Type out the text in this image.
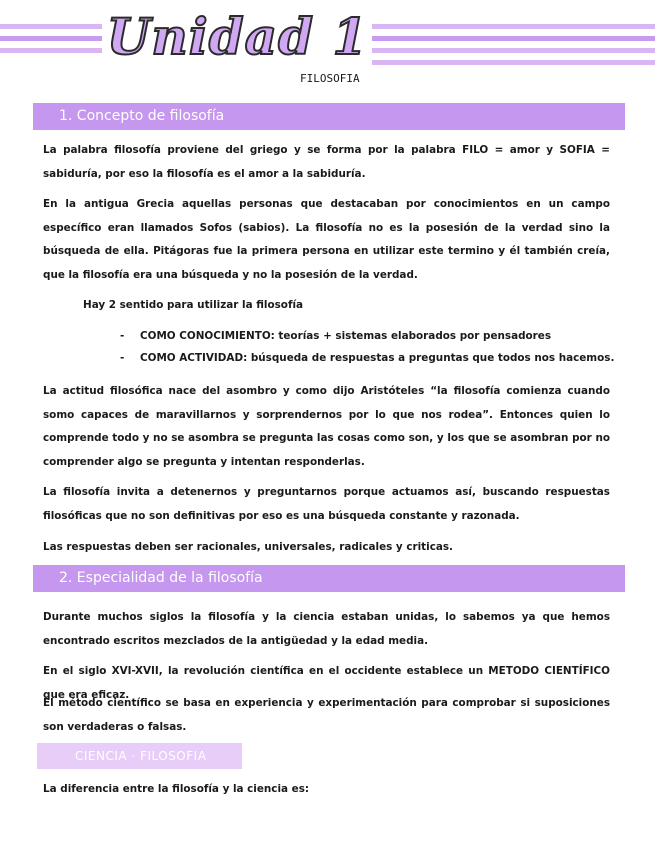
Unidad 1
FILOSOFIA
1. Concepto de filosofía
La palabra filosofía proviene del griego y se forma por la palabra FILO = amor y SOFIA = sabiduría, por eso la filosofía es el amor a la sabiduría.
En la antigua Grecia aquellas personas que destacaban por conocimientos en un campo específico eran llamados Sofos (sabios). La filosofía no es la posesión de la verdad sino la búsqueda de ella. Pitágoras fue la primera persona en utilizar este termino y él también creía, que la filosofía era una búsqueda y no la posesión de la verdad.
Hay 2 sentido para utilizar la filosofía
- COMO CONOCIMIENTO: teorías + sistemas elaborados por pensadores
- COMO ACTIVIDAD: búsqueda de respuestas a preguntas que todos nos hacemos.
La actitud filosófica nace del asombro y como dijo Aristóteles “la filosofía comienza cuando somo capaces de maravillarnos y sorprendernos por lo que nos rodea”. Entonces quien lo comprende todo y no se asombra se pregunta las cosas como son, y los que se asombran por no comprender algo se pregunta y intentan responderlas.
La filosofía invita a detenernos y preguntarnos porque actuamos así, buscando respuestas filosóficas que no son definitivas por eso es una búsqueda constante y razonada.
Las respuestas deben ser racionales, universales, radicales y criticas.
2. Especialidad de la filosofía
Durante muchos siglos la filosofía y la ciencia estaban unidas, lo sabemos ya que hemos encontrado escritos mezclados de la antigüedad y la edad media.
En el siglo XVI-XVII, la revolución científica en el occidente establece un METODO CIENTÍFICO que era eficaz.
El método científico se basa en experiencia y experimentación para comprobar si suposiciones son verdaderas o falsas.
CIENCIA · FILOSOFIA
La diferencia entre la filosofía y la ciencia es:
